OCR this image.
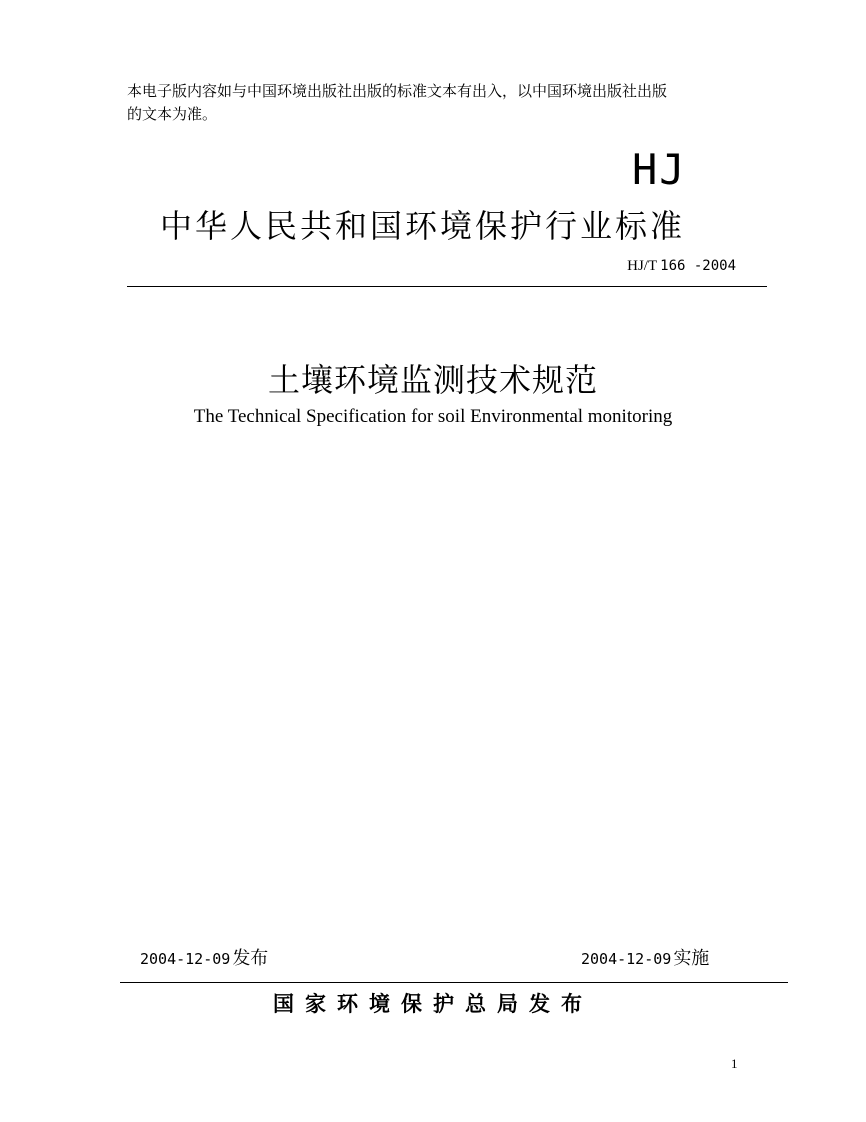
本电子版内容如与中国环境出版社出版的标准文本有出入，以中国环境出版社出版
的文本为准。
HJ
中华人民共和国环境保护行业标准
HJ/T 166 -2004
土壤环境监测技术规范
The Technical Specification for soil Environmental monitoring
2004-12-09 发布	2004-12-09 实施
国家环境保护总局发布
1
